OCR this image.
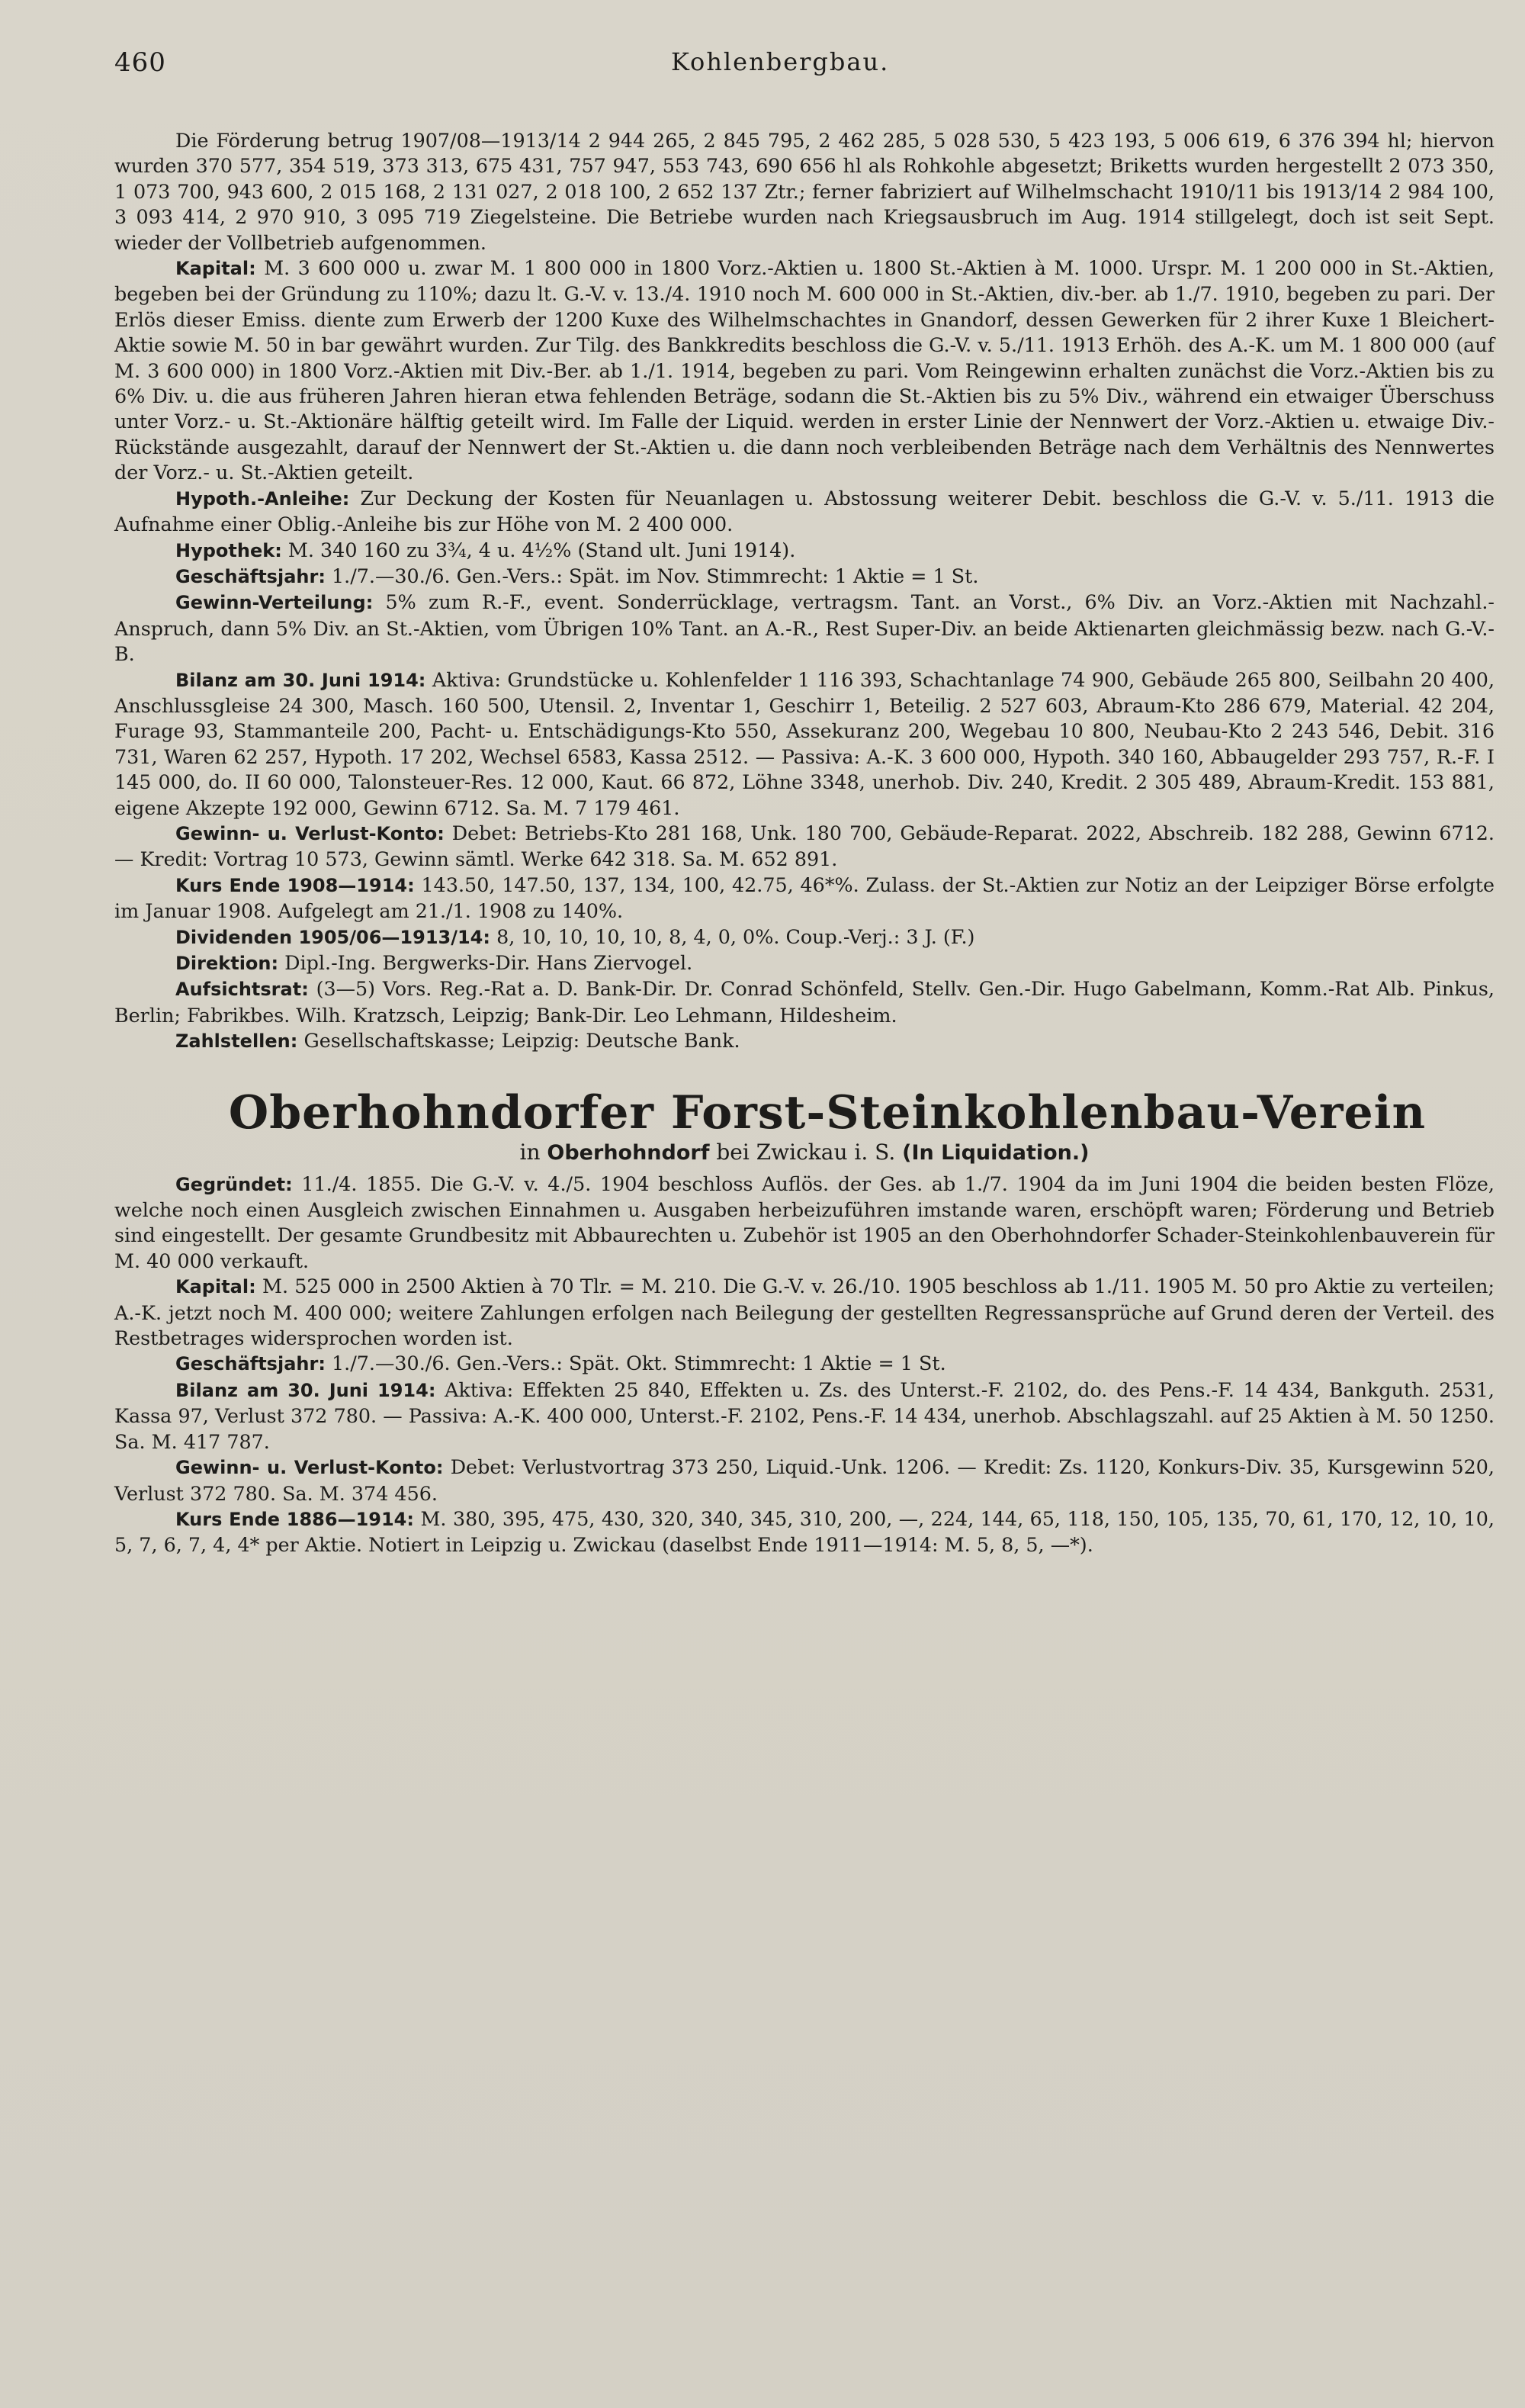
460	Kohlenbergbau.

Die Förderung betrug 1907/08—1913/14 2 944 265, 2 845 795, 2 462 285, 5 028 530, 5 423 193, 5 006 619, 6 376 394 hl; hiervon wurden 370 577, 354 519, 373 313, 675 431, 757 947, 553 743, 690 656 hl als Rohkohle abgesetzt; Briketts wurden hergestellt 2 073 350, 1 073 700, 943 600, 2 015 168, 2 131 027, 2 018 100, 2 652 137 Ztr.; ferner fabriziert auf Wilhelmschacht 1910/11 bis 1913/14 2 984 100, 3 093 414, 2 970 910, 3 095 719 Ziegelsteine. Die Betriebe wurden nach Kriegsausbruch im Aug. 1914 stillgelegt, doch ist seit Sept. wieder der Vollbetrieb aufgenommen.

Kapital: M. 3 600 000 u. zwar M. 1 800 000 in 1800 Vorz.-Aktien u. 1800 St.-Aktien à M. 1000. Urspr. M. 1 200 000 in St.-Aktien, begeben bei der Gründung zu 110%; dazu lt. G.-V. v. 13./4. 1910 noch M. 600 000 in St.-Aktien, div.-ber. ab 1./7. 1910, begeben zu pari. Der Erlös dieser Emiss. diente zum Erwerb der 1200 Kuxe des Wilhelmschachtes in Gnandorf, dessen Gewerken für 2 ihrer Kuxe 1 Bleichert-Aktie sowie M. 50 in bar gewährt wurden. Zur Tilg. des Bankkredits beschloss die G.-V. v. 5./11. 1913 Erhöh. des A.-K. um M. 1 800 000 (auf M. 3 600 000) in 1800 Vorz.-Aktien mit Div.-Ber. ab 1./1. 1914, begeben zu pari. Vom Reingewinn erhalten zunächst die Vorz.-Aktien bis zu 6% Div. u. die aus früheren Jahren hieran etwa fehlenden Beträge, sodann die St.-Aktien bis zu 5% Div., während ein etwaiger Überschuss unter Vorz.- u. St.-Aktionäre hälftig geteilt wird. Im Falle der Liquid. werden in erster Linie der Nennwert der Vorz.-Aktien u. etwaige Div.-Rückstände ausgezahlt, darauf der Nennwert der St.-Aktien u. die dann noch verbleibenden Beträge nach dem Verhältnis des Nennwertes der Vorz.- u. St.-Aktien geteilt.

Hypoth.-Anleihe: Zur Deckung der Kosten für Neuanlagen u. Abstossung weiterer Debit. beschloss die G.-V. v. 5./11. 1913 die Aufnahme einer Oblig.-Anleihe bis zur Höhe von M. 2 400 000.

Hypothek: M. 340 160 zu 3¾, 4 u. 4½% (Stand ult. Juni 1914).

Geschäftsjahr: 1./7.—30./6. Gen.-Vers.: Spät. im Nov. Stimmrecht: 1 Aktie = 1 St.

Gewinn-Verteilung: 5% zum R.-F., event. Sonderrücklage, vertragsm. Tant. an Vorst., 6% Div. an Vorz.-Aktien mit Nachzahl.-Anspruch, dann 5% Div. an St.-Aktien, vom Übrigen 10% Tant. an A.-R., Rest Super-Div. an beide Aktienarten gleichmässig bezw. nach G.-V.-B.

Bilanz am 30. Juni 1914: Aktiva: Grundstücke u. Kohlenfelder 1 116 393, Schachtanlage 74 900, Gebäude 265 800, Seilbahn 20 400, Anschlussgleise 24 300, Masch. 160 500, Utensil. 2, Inventar 1, Geschirr 1, Beteilig. 2 527 603, Abraum-Kto 286 679, Material. 42 204, Furage 93, Stammanteile 200, Pacht- u. Entschädigungs-Kto 550, Assekuranz 200, Wegebau 10 800, Neubau-Kto 2 243 546, Debit. 316 731, Waren 62 257, Hypoth. 17 202, Wechsel 6583, Kassa 2512. — Passiva: A.-K. 3 600 000, Hypoth. 340 160, Abbaugelder 293 757, R.-F. I 145 000, do. II 60 000, Talonsteuer-Res. 12 000, Kaut. 66 872, Löhne 3348, unerhob. Div. 240, Kredit. 2 305 489, Abraum-Kredit. 153 881, eigene Akzepte 192 000, Gewinn 6712. Sa. M. 7 179 461.

Gewinn- u. Verlust-Konto: Debet: Betriebs-Kto 281 168, Unk. 180 700, Gebäude-Reparat. 2022, Abschreib. 182 288, Gewinn 6712. — Kredit: Vortrag 10 573, Gewinn sämtl. Werke 642 318. Sa. M. 652 891.

Kurs Ende 1908—1914: 143.50, 147.50, 137, 134, 100, 42.75, 46*%. Zulass. der St.-Aktien zur Notiz an der Leipziger Börse erfolgte im Januar 1908. Aufgelegt am 21./1. 1908 zu 140%.

Dividenden 1905/06—1913/14: 8, 10, 10, 10, 10, 8, 4, 0, 0%. Coup.-Verj.: 3 J. (F.)

Direktion: Dipl.-Ing. Bergwerks-Dir. Hans Ziervogel.

Aufsichtsrat: (3—5) Vors. Reg.-Rat a. D. Bank-Dir. Dr. Conrad Schönfeld, Stellv. Gen.-Dir. Hugo Gabelmann, Komm.-Rat Alb. Pinkus, Berlin; Fabrikbes. Wilh. Kratzsch, Leipzig; Bank-Dir. Leo Lehmann, Hildesheim.

Zahlstellen: Gesellschaftskasse; Leipzig: Deutsche Bank.

Oberhohndorfer Forst-Steinkohlenbau-Verein
in Oberhohndorf bei Zwickau i. S. (In Liquidation.)

Gegründet: 11./4. 1855. Die G.-V. v. 4./5. 1904 beschloss Auflös. der Ges. ab 1./7. 1904 da im Juni 1904 die beiden besten Flöze, welche noch einen Ausgleich zwischen Einnahmen u. Ausgaben herbeizuführen imstande waren, erschöpft waren; Förderung und Betrieb sind eingestellt. Der gesamte Grundbesitz mit Abbaurechten u. Zubehör ist 1905 an den Oberhohndorfer Schader-Steinkohlenbauverein für M. 40 000 verkauft.

Kapital: M. 525 000 in 2500 Aktien à 70 Tlr. = M. 210. Die G.-V. v. 26./10. 1905 beschloss ab 1./11. 1905 M. 50 pro Aktie zu verteilen; A.-K. jetzt noch M. 400 000; weitere Zahlungen erfolgen nach Beilegung der gestellten Regressansprüche auf Grund deren der Verteil. des Restbetrages widersprochen worden ist.

Geschäftsjahr: 1./7.—30./6. Gen.-Vers.: Spät. Okt. Stimmrecht: 1 Aktie = 1 St.

Bilanz am 30. Juni 1914: Aktiva: Effekten 25 840, Effekten u. Zs. des Unterst.-F. 2102, do. des Pens.-F. 14 434, Bankguth. 2531, Kassa 97, Verlust 372 780. — Passiva: A.-K. 400 000, Unterst.-F. 2102, Pens.-F. 14 434, unerhob. Abschlagszahl. auf 25 Aktien à M. 50 1250. Sa. M. 417 787.

Gewinn- u. Verlust-Konto: Debet: Verlustvortrag 373 250, Liquid.-Unk. 1206. — Kredit: Zs. 1120, Konkurs-Div. 35, Kursgewinn 520, Verlust 372 780. Sa. M. 374 456.

Kurs Ende 1886—1914: M. 380, 395, 475, 430, 320, 340, 345, 310, 200, —, 224, 144, 65, 118, 150, 105, 135, 70, 61, 170, 12, 10, 10, 5, 7, 6, 7, 4, 4* per Aktie. Notiert in Leipzig u. Zwickau (daselbst Ende 1911—1914: M. 5, 8, 5, —*).
